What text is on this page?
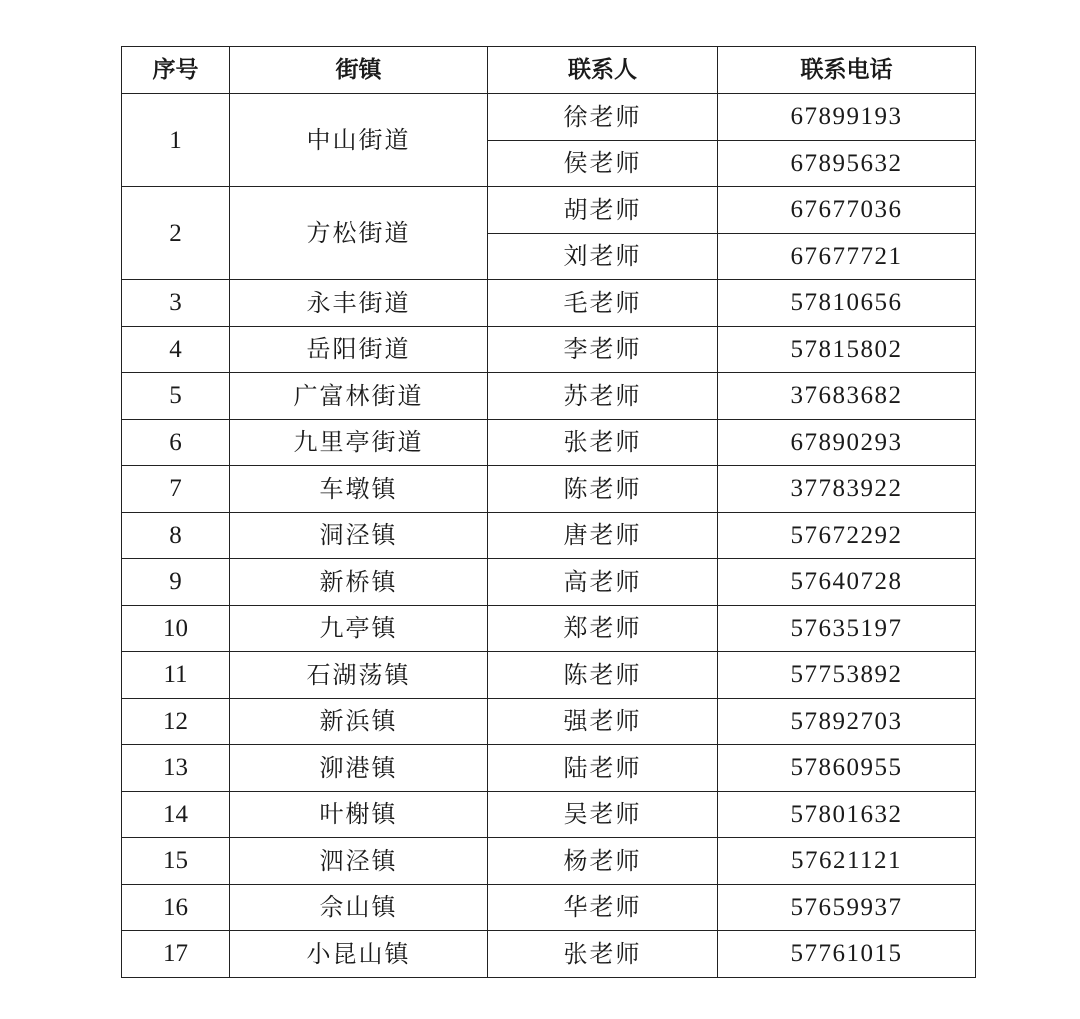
序号	街镇	联系人	联系电话
1	中山街道	徐老师	67899193
		侯老师	67895632
2	方松街道	胡老师	67677036
		刘老师	67677721
3	永丰街道	毛老师	57810656
4	岳阳街道	李老师	57815802
5	广富林街道	苏老师	37683682
6	九里亭街道	张老师	67890293
7	车墩镇	陈老师	37783922
8	洞泾镇	唐老师	57672292
9	新桥镇	高老师	57640728
10	九亭镇	郑老师	57635197
11	石湖荡镇	陈老师	57753892
12	新浜镇	强老师	57892703
13	泖港镇	陆老师	57860955
14	叶榭镇	吴老师	57801632
15	泗泾镇	杨老师	57621121
16	佘山镇	华老师	57659937
17	小昆山镇	张老师	57761015
